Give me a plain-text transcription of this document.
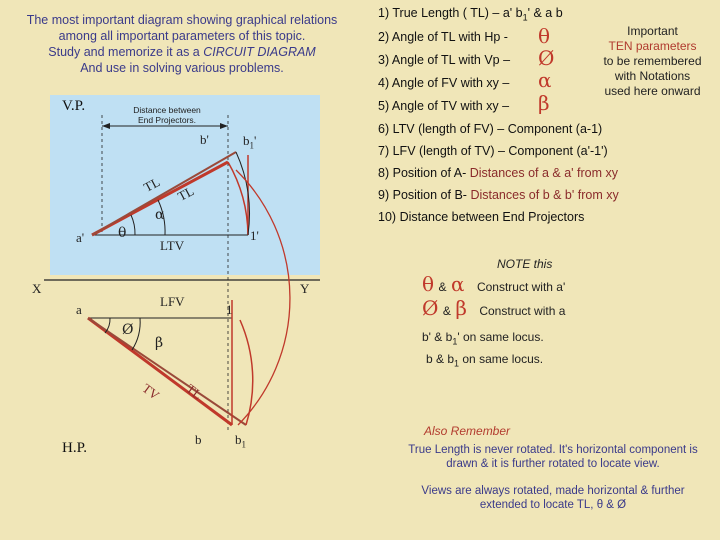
The most important diagram showing graphical relations
among all important parameters of this topic.
Study and memorize it as a CIRCUIT DIAGRAM
And use in solving various problems.
1) True Length ( TL) – a' $b_1'$ & a b
2) Angle of TL with Hp -
3) Angle of TL with Vp –
4) Angle of FV with xy –
5) Angle of TV with xy –
6) LTV (length of FV) – Component (a-1)
7) LFV (length of TV) – Component (a'-1')
8) Position of A- Distances of a & a' from xy
9) Position of B- Distances of b & b' from xy
10) Distance between End Projectors
θ
Ø
α
β
Important
TEN parameters
to be remembered
with Notations
used here onward
V.P.
H.P.
X	Y
Distance between
End Projectors.
a'
b'	$b_1'$
1'
a	1
b	$b_1$
TL TL
TL
TV
LTV
LFV
θ
α
Ø
β
NOTE this
θ & α Construct with a'
Ø & β Construct with a
b' & $b_1'$ on same locus.
b & $b_1$ on same locus.
Also Remember
True Length is never rotated. It's horizontal component is
drawn & it is further rotated to locate view.
Views are always rotated, made horizontal & further
extended to locate TL, θ & Ø
